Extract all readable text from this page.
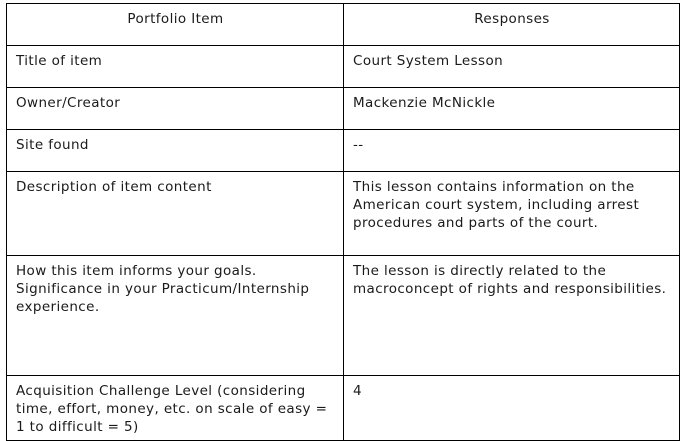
Portfolio Item	Responses
Title of item	Court System Lesson
Owner/Creator	Mackenzie McNickle
Site found	--
Description of item content	This lesson contains information on the American court system, including arrest procedures and parts of the court.
How this item informs your goals. Significance in your Practicum/Internship experience.	The lesson is directly related to the macroconcept of rights and responsibilities.
Acquisition Challenge Level (considering time, effort, money, etc. on scale of easy = 1 to difficult = 5)	4
